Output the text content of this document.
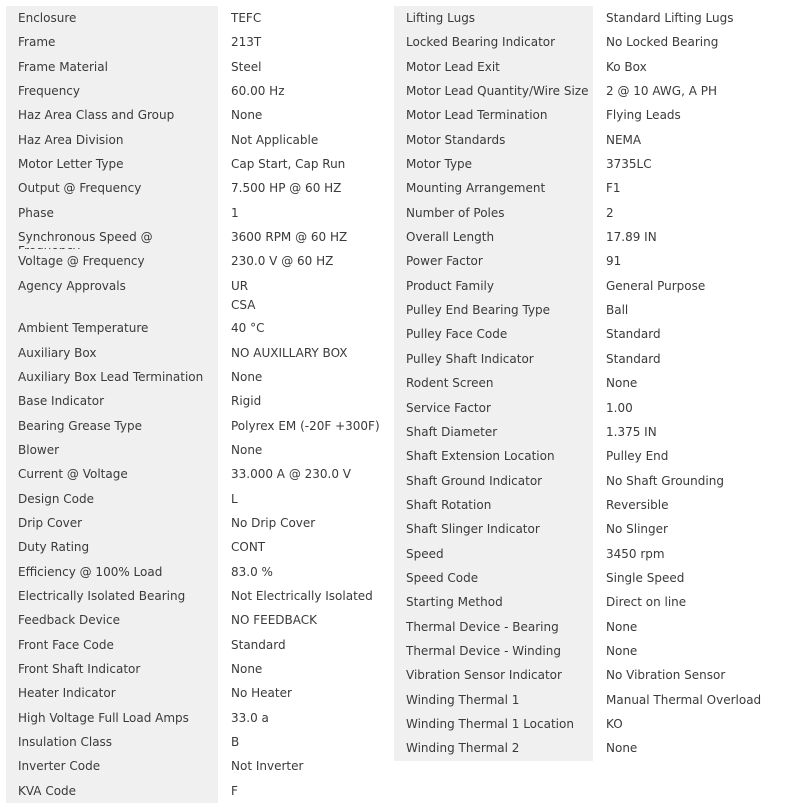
Enclosure	TEFC
Frame	213T
Frame Material	Steel
Frequency	60.00 Hz
Haz Area Class and Group	None
Haz Area Division	Not Applicable
Motor Letter Type	Cap Start, Cap Run
Output @ Frequency	7.500 HP @ 60 HZ
Phase	1
Synchronous Speed @	3600 RPM @ 60 HZ
Voltage @ Frequency	230.0 V @ 60 HZ
Agency Approvals	UR
CSA
Ambient Temperature	40 °C
Auxiliary Box	NO AUXILLARY BOX
Auxiliary Box Lead Termination	None
Base Indicator	Rigid
Bearing Grease Type	Polyrex EM (-20F +300F)
Blower	None
Current @ Voltage	33.000 A @ 230.0 V
Design Code	L
Drip Cover	No Drip Cover
Duty Rating	CONT
Efficiency @ 100% Load	83.0 %
Electrically Isolated Bearing	Not Electrically Isolated
Feedback Device	NO FEEDBACK
Front Face Code	Standard
Front Shaft Indicator	None
Heater Indicator	No Heater
High Voltage Full Load Amps	33.0 a
Insulation Class	B
Inverter Code	Not Inverter
KVA Code	F
Lifting Lugs	Standard Lifting Lugs
Locked Bearing Indicator	No Locked Bearing
Motor Lead Exit	Ko Box
Motor Lead Quantity/Wire Size	2 @ 10 AWG, A PH
Motor Lead Termination	Flying Leads
Motor Standards	NEMA
Motor Type	3735LC
Mounting Arrangement	F1
Number of Poles	2
Overall Length	17.89 IN
Power Factor	91
Product Family	General Purpose
Pulley End Bearing Type	Ball
Pulley Face Code	Standard
Pulley Shaft Indicator	Standard
Rodent Screen	None
Service Factor	1.00
Shaft Diameter	1.375 IN
Shaft Extension Location	Pulley End
Shaft Ground Indicator	No Shaft Grounding
Shaft Rotation	Reversible
Shaft Slinger Indicator	No Slinger
Speed	3450 rpm
Speed Code	Single Speed
Starting Method	Direct on line
Thermal Device - Bearing	None
Thermal Device - Winding	None
Vibration Sensor Indicator	No Vibration Sensor
Winding Thermal 1	Manual Thermal Overload
Winding Thermal 1 Location	KO
Winding Thermal 2	None
